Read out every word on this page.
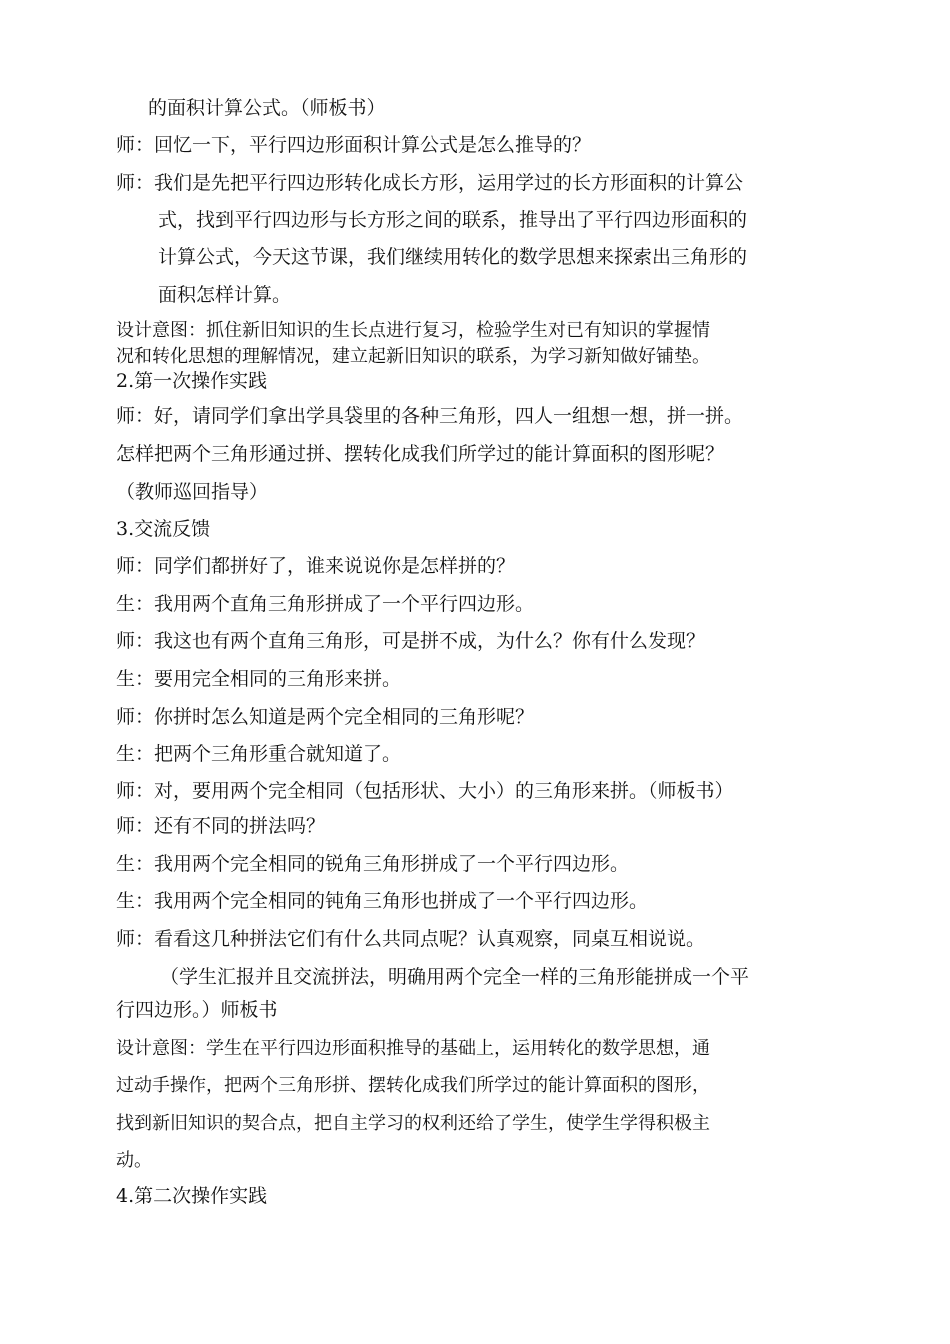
的面积计算公式。（师板书）
师：回忆一下，平行四边形面积计算公式是怎么推导的？
师：我们是先把平行四边形转化成长方形，运用学过的长方形面积的计算公
式，找到平行四边形与长方形之间的联系，推导出了平行四边形面积的
计算公式，今天这节课，我们继续用转化的数学思想来探索出三角形的
面积怎样计算。
设计意图：抓住新旧知识的生长点进行复习，检验学生对已有知识的掌握情
况和转化思想的理解情况，建立起新旧知识的联系，为学习新知做好铺垫。
2.第一次操作实践
师：好，请同学们拿出学具袋里的各种三角形，四人一组想一想，拼一拼。
怎样把两个三角形通过拼、摆转化成我们所学过的能计算面积的图形呢？
（教师巡回指导）
3.交流反馈
师：同学们都拼好了，谁来说说你是怎样拼的？
生：我用两个直角三角形拼成了一个平行四边形。
师：我这也有两个直角三角形，可是拼不成，为什么？你有什么发现？
生：要用完全相同的三角形来拼。
师：你拼时怎么知道是两个完全相同的三角形呢？
生：把两个三角形重合就知道了。
师：对，要用两个完全相同（包括形状、大小）的三角形来拼。（师板书）
师：还有不同的拼法吗？
生：我用两个完全相同的锐角三角形拼成了一个平行四边形。
生：我用两个完全相同的钝角三角形也拼成了一个平行四边形。
师：看看这几种拼法它们有什么共同点呢？认真观察，同桌互相说说。
（学生汇报并且交流拼法，明确用两个完全一样的三角形能拼成一个平
行四边形。）师板书
设计意图：学生在平行四边形面积推导的基础上，运用转化的数学思想，通
过动手操作，把两个三角形拼、摆转化成我们所学过的能计算面积的图形，
找到新旧知识的契合点，把自主学习的权利还给了学生，使学生学得积极主
动。
4.第二次操作实践
